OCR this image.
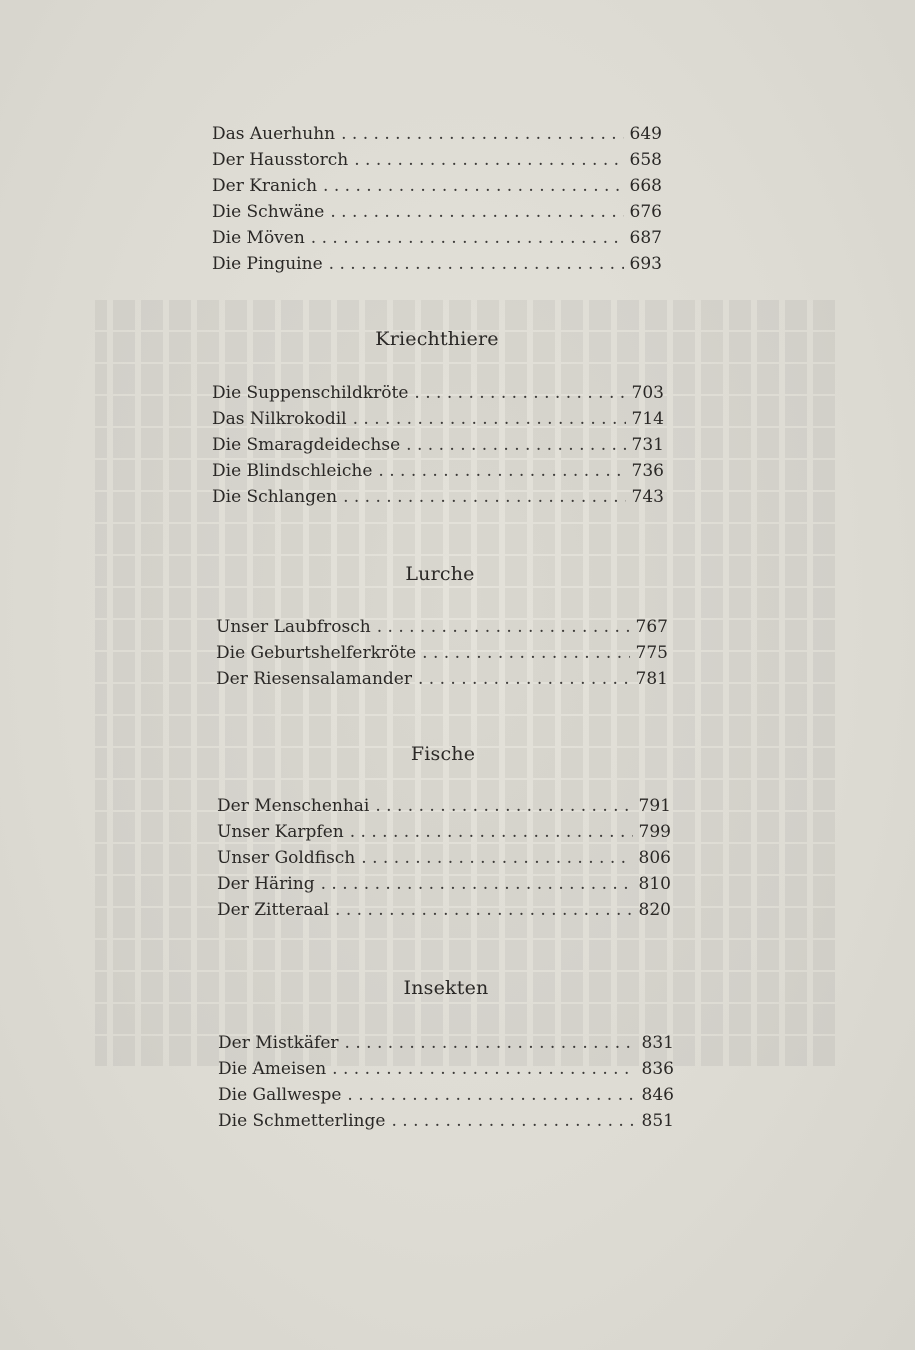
Das Auerhuhn . . .	649
Der Hausstorch . . .	658
Der Kranich . . .	668
Die Schwäne . . .	676
Die Möven . . .	687
Die Pinguine . . .	693
Kriechthiere
Die Suppenschildkröte . . .	703
Das Nilkrokodil . . .	714
Die Smaragdeidechse . . .	731
Die Blindschleiche . . .	736
Die Schlangen . . .	743
Lurche
Unser Laubfrosch . . .	767
Die Geburtshelferkröte . . .	775
Der Riesensalamander . . .	781
Fische
Der Menschenhai . . .	791
Unser Karpfen . . .	799
Unser Goldfisch . . .	806
Der Häring . . .	810
Der Zitteraal . . .	820
Insekten
Der Mistkäfer . . .	831
Die Ameisen . . .	836
Die Gallwespe . . .	846
Die Schmetterlinge . . .	851
